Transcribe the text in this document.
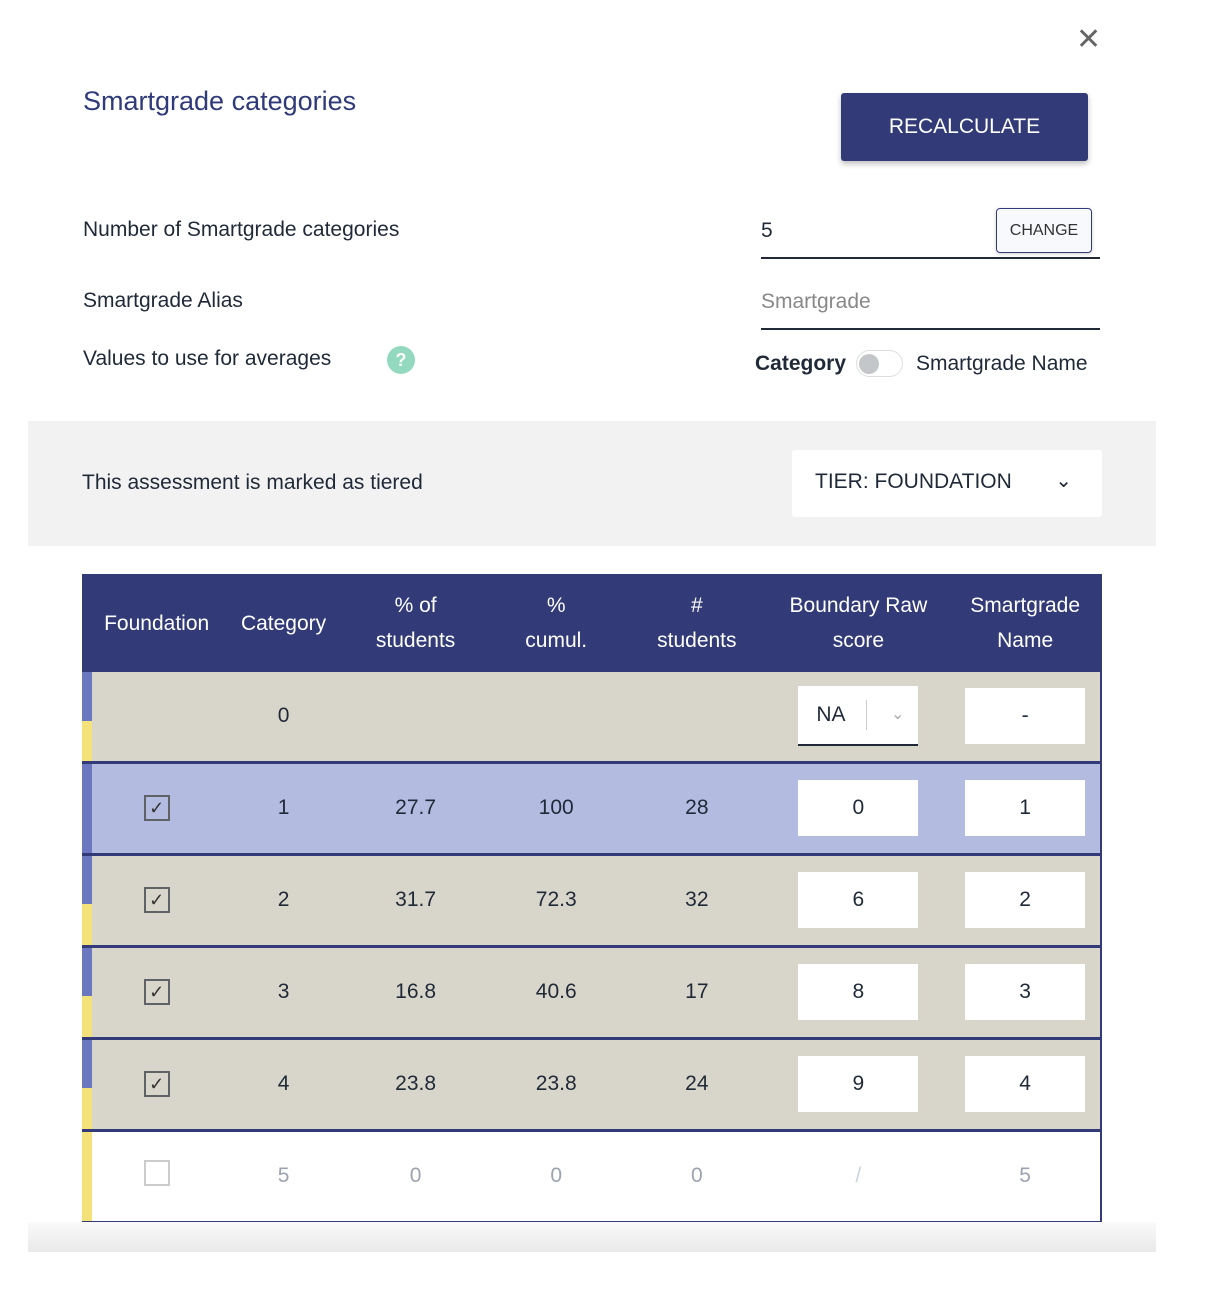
✕
Smartgrade categories
RECALCULATE
Number of Smartgrade categories	5	CHANGE
Smartgrade Alias	Smartgrade
Values to use for averages	?	Category	Smartgrade Name
This assessment is marked as tiered	TIER: FOUNDATION ⌄
	Foundation	Category	% of students	% cumul.	# students	Boundary Raw score	Smartgrade Name

		0				NA ⌄	-
	✓	1	27.7	100	28	0	1

	✓	2	31.7	72.3	32	6	2

	✓	3	16.8	40.6	17	8	3

	✓	4	23.8	23.8	24	9	4
		5	0	0	0	/	5
